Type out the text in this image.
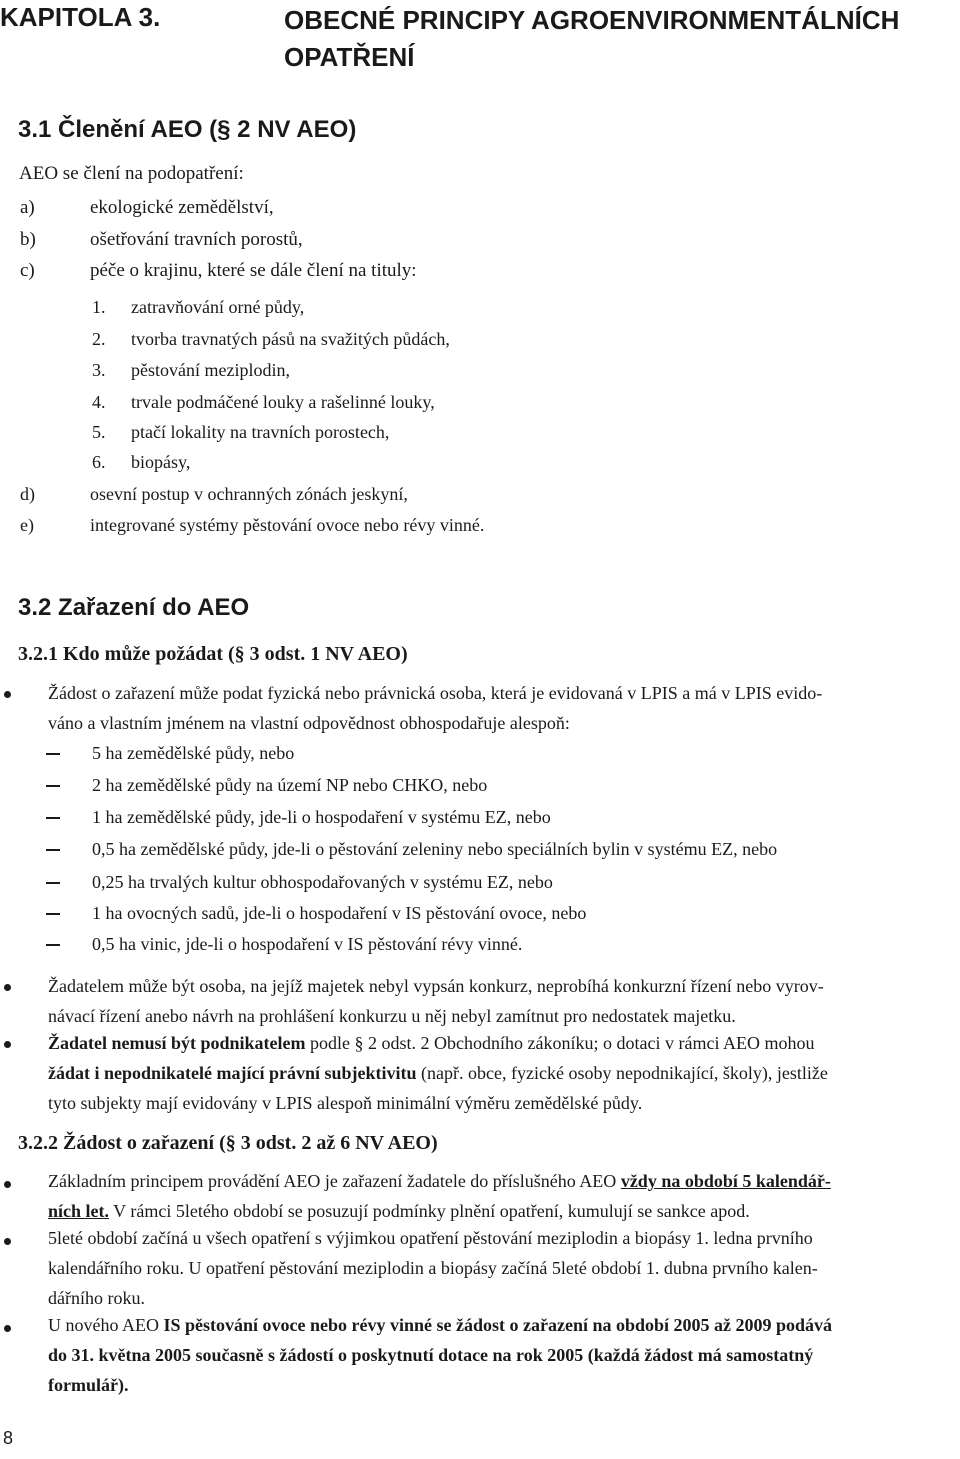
KAPITOLA 3.	OBECNÉ PRINCIPY AGROENVIRONMENTÁLNÍCH OPATŘENÍ
3.1 Členění AEO (§ 2 NV AEO)
AEO se člení na podopatření:
a)	ekologické zemědělství,
b)	ošetřování travních porostů,
c)	péče o krajinu, které se dále člení na tituly:
1. zatravňování orné půdy,
2. tvorba travnatých pásů na svažitých půdách,
3. pěstování meziplodin,
4. trvale podmáčené louky a rašelinné louky,
5. ptačí lokality na travních porostech,
6. biopásy,
d)	osevní postup v ochranných zónách jeskyní,
e)	integrované systémy pěstování ovoce nebo révy vinné.
3.2 Zařazení do AEO
3.2.1 Kdo může požádat (§ 3 odst. 1 NV AEO)
Žádost o zařazení může podat fyzická nebo právnická osoba, která je evidovaná v LPIS a má v LPIS evido-
váno a vlastním jménem na vlastní odpovědnost obhospodařuje alespoň:
5 ha zemědělské půdy, nebo
2 ha zemědělské půdy na území NP nebo CHKO, nebo
1 ha zemědělské půdy, jde-li o hospodaření v systému EZ, nebo
0,5 ha zemědělské půdy, jde-li o pěstování zeleniny nebo speciálních bylin v systému EZ, nebo
0,25 ha trvalých kultur obhospodařovaných v systému EZ, nebo
1 ha ovocných sadů, jde-li o hospodaření v IS pěstování ovoce, nebo
0,5 ha vinic, jde-li o hospodaření v IS pěstování révy vinné.
Žadatelem může být osoba, na jejíž majetek nebyl vypsán konkurz, neprobíhá konkurzní řízení nebo vyrov-
návací řízení anebo návrh na prohlášení konkurzu u něj nebyl zamítnut pro nedostatek majetku.
Žadatel nemusí být podnikatelem podle § 2 odst. 2 Obchodního zákoníku; o dotaci v rámci AEO mohou
žádat i nepodnikatelé mající právní subjektivitu (např. obce, fyzické osoby nepodnikající, školy), jestliže
tyto subjekty mají evidovány v LPIS alespoň minimální výměru zemědělské půdy.
3.2.2 Žádost o zařazení (§ 3 odst. 2 až 6 NV AEO)
Základním principem provádění AEO je zařazení žadatele do příslušného AEO vždy na období 5 kalendář-
ních let. V rámci 5letého období se posuzují podmínky plnění opatření, kumulují se sankce apod.
5leté období začíná u všech opatření s výjimkou opatření pěstování meziplodin a biopásy 1. ledna prvního
kalendářního roku. U opatření pěstování meziplodin a biopásy začíná 5leté období 1. dubna prvního kalen-
dářního roku.
U nového AEO IS pěstování ovoce nebo révy vinné se žádost o zařazení na období 2005 až 2009 podává
do 31. května 2005 současně s žádostí o poskytnutí dotace na rok 2005 (každá žádost má samostatný
formulář).
8
